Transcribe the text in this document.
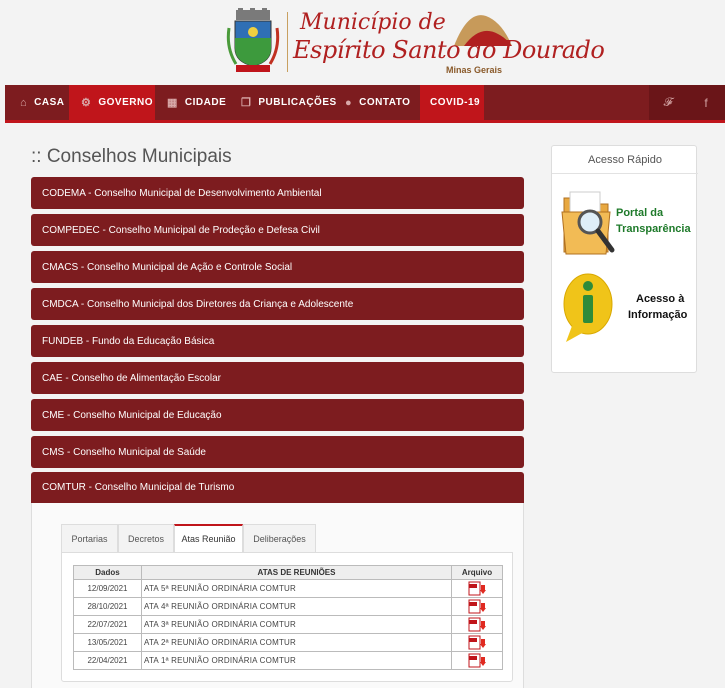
Município de
Espírito Santo do Dourado
Minas Gerais
⌂ CASA ⚙ GOVERNO ▦ CIDADE ❐ PUBLICAÇÕES ● CONTATO COVID-19	𝓕	f
:: Conselhos Municipais
CODEMA - Conselho Municipal de Desenvolvimento Ambiental
COMPEDEC - Conselho Municipal de Prodeção e Defesa Civil
CMACS - Conselho Municipal de Ação e Controle Social
CMDCA - Conselho Municipal dos Diretores da Criança e Adolescente
FUNDEB - Fundo da Educação Básica
CAE - Conselho de Alimentação Escolar
CME - Conselho Municipal de Educação
CMS - Conselho Municipal de Saúde
COMTUR - Conselho Municipal de Turismo
Portarias	Decretos	Atas Reunião	Deliberações
Dados	ATAS DE REUNIÕES	Arquivo
12/09/2021	ATA 5ª REUNIÃO ORDINÁRIA COMTUR	
28/10/2021	ATA 4ª REUNIÃO ORDINÁRIA COMTUR	
22/07/2021	ATA 3ª REUNIÃO ORDINÁRIA COMTUR	
13/05/2021	ATA 2ª REUNIÃO ORDINÁRIA COMTUR	
22/04/2021	ATA 1ª REUNIÃO ORDINÁRIA COMTUR	
Acesso Rápido
Portal da
Transparência
Acesso à
Informação
